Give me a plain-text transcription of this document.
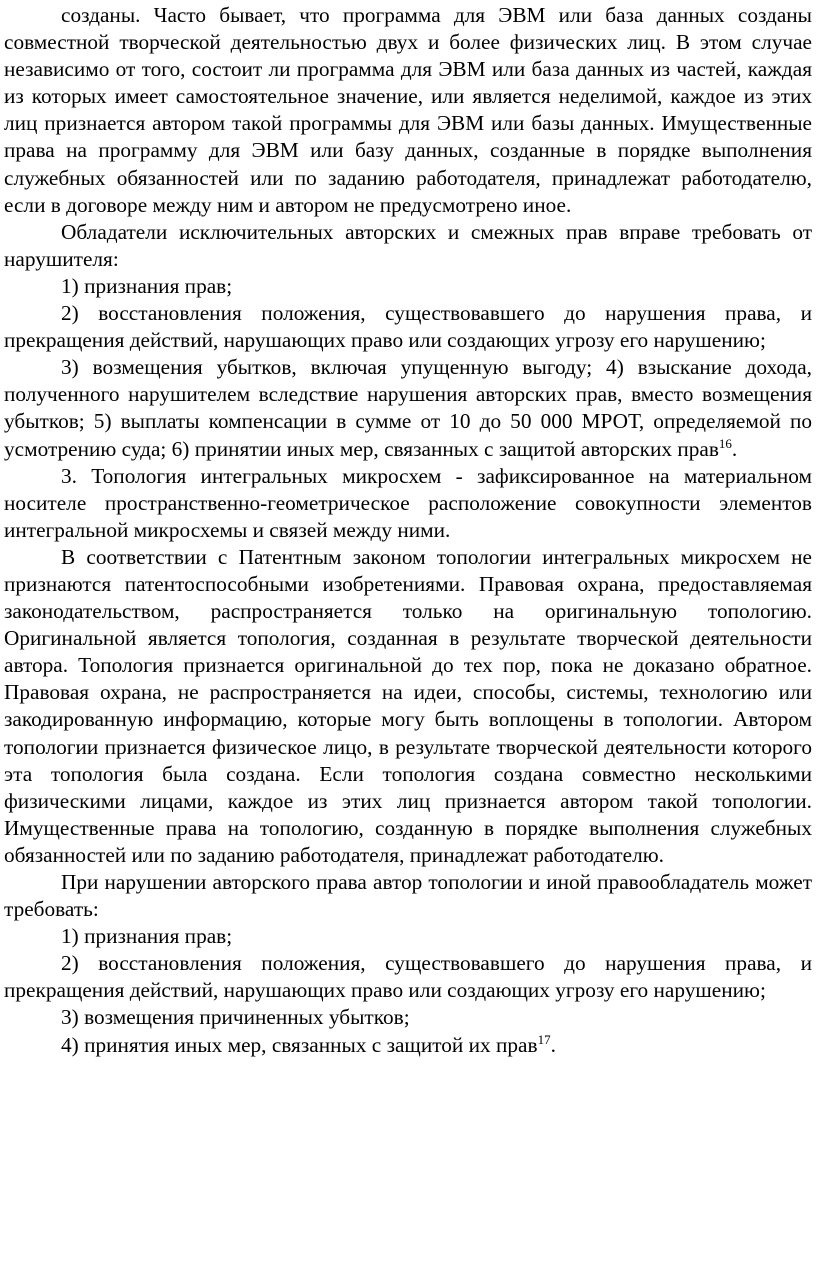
созданы. Часто бывает, что программа для ЭВМ или база данных созданы совместной творческой деятельностью двух и более физических лиц. В этом случае независимо от того, состоит ли программа для ЭВМ или база данных из частей, каждая из которых имеет самостоятельное значение, или является неделимой, каждое из этих лиц признается автором такой программы для ЭВМ или базы данных. Имущественные права на программу для ЭВМ или базу данных, созданные в порядке выполнения служебных обязанностей или по заданию работодателя, принадлежат работодателю, если в договоре между ним и автором не предусмотрено иное.

Обладатели исключительных авторских и смежных прав вправе требовать от нарушителя:

1) признания прав;

2) восстановления положения, существовавшего до нарушения права, и прекращения действий, нарушающих право или создающих угрозу его нарушению;

3) возмещения убытков, включая упущенную выгоду; 4) взыскание дохода, полученного нарушителем вследствие нарушения авторских прав, вместо возмещения убытков; 5) выплаты компенсации в сумме от 10 до 50 000 МРОТ, определяемой по усмотрению суда; 6) принятии иных мер, связанных с защитой авторских прав$^{16}$.

3. Топология интегральных микросхем - зафиксированное на материальном носителе пространственно-геометрическое расположение совокупности элементов интегральной микросхемы и связей между ними.

В соответствии с Патентным законом топологии интегральных микросхем не признаются патентоспособными изобретениями. Правовая охрана, предоставляемая законодательством, распространяется только на оригинальную топологию. Оригинальной является топология, созданная в результате творческой деятельности автора. Топология признается оригинальной до тех пор, пока не доказано обратное. Правовая охрана, не распространяется на идеи, способы, системы, технологию или закодированную информацию, которые могу быть воплощены в топологии. Автором топологии признается физическое лицо, в результате творческой деятельности которого эта топология была создана. Если топология создана совместно несколькими физическими лицами, каждое из этих лиц признается автором такой топологии. Имущественные права на топологию, созданную в порядке выполнения служебных обязанностей или по заданию работодателя, принадлежат работодателю.

При нарушении авторского права автор топологии и иной правообладатель может требовать:

1) признания прав;

2) восстановления положения, существовавшего до нарушения права, и прекращения действий, нарушающих право или создающих угрозу его нарушению;

3) возмещения причиненных убытков;

4) принятия иных мер, связанных с защитой их прав$^{17}$.
